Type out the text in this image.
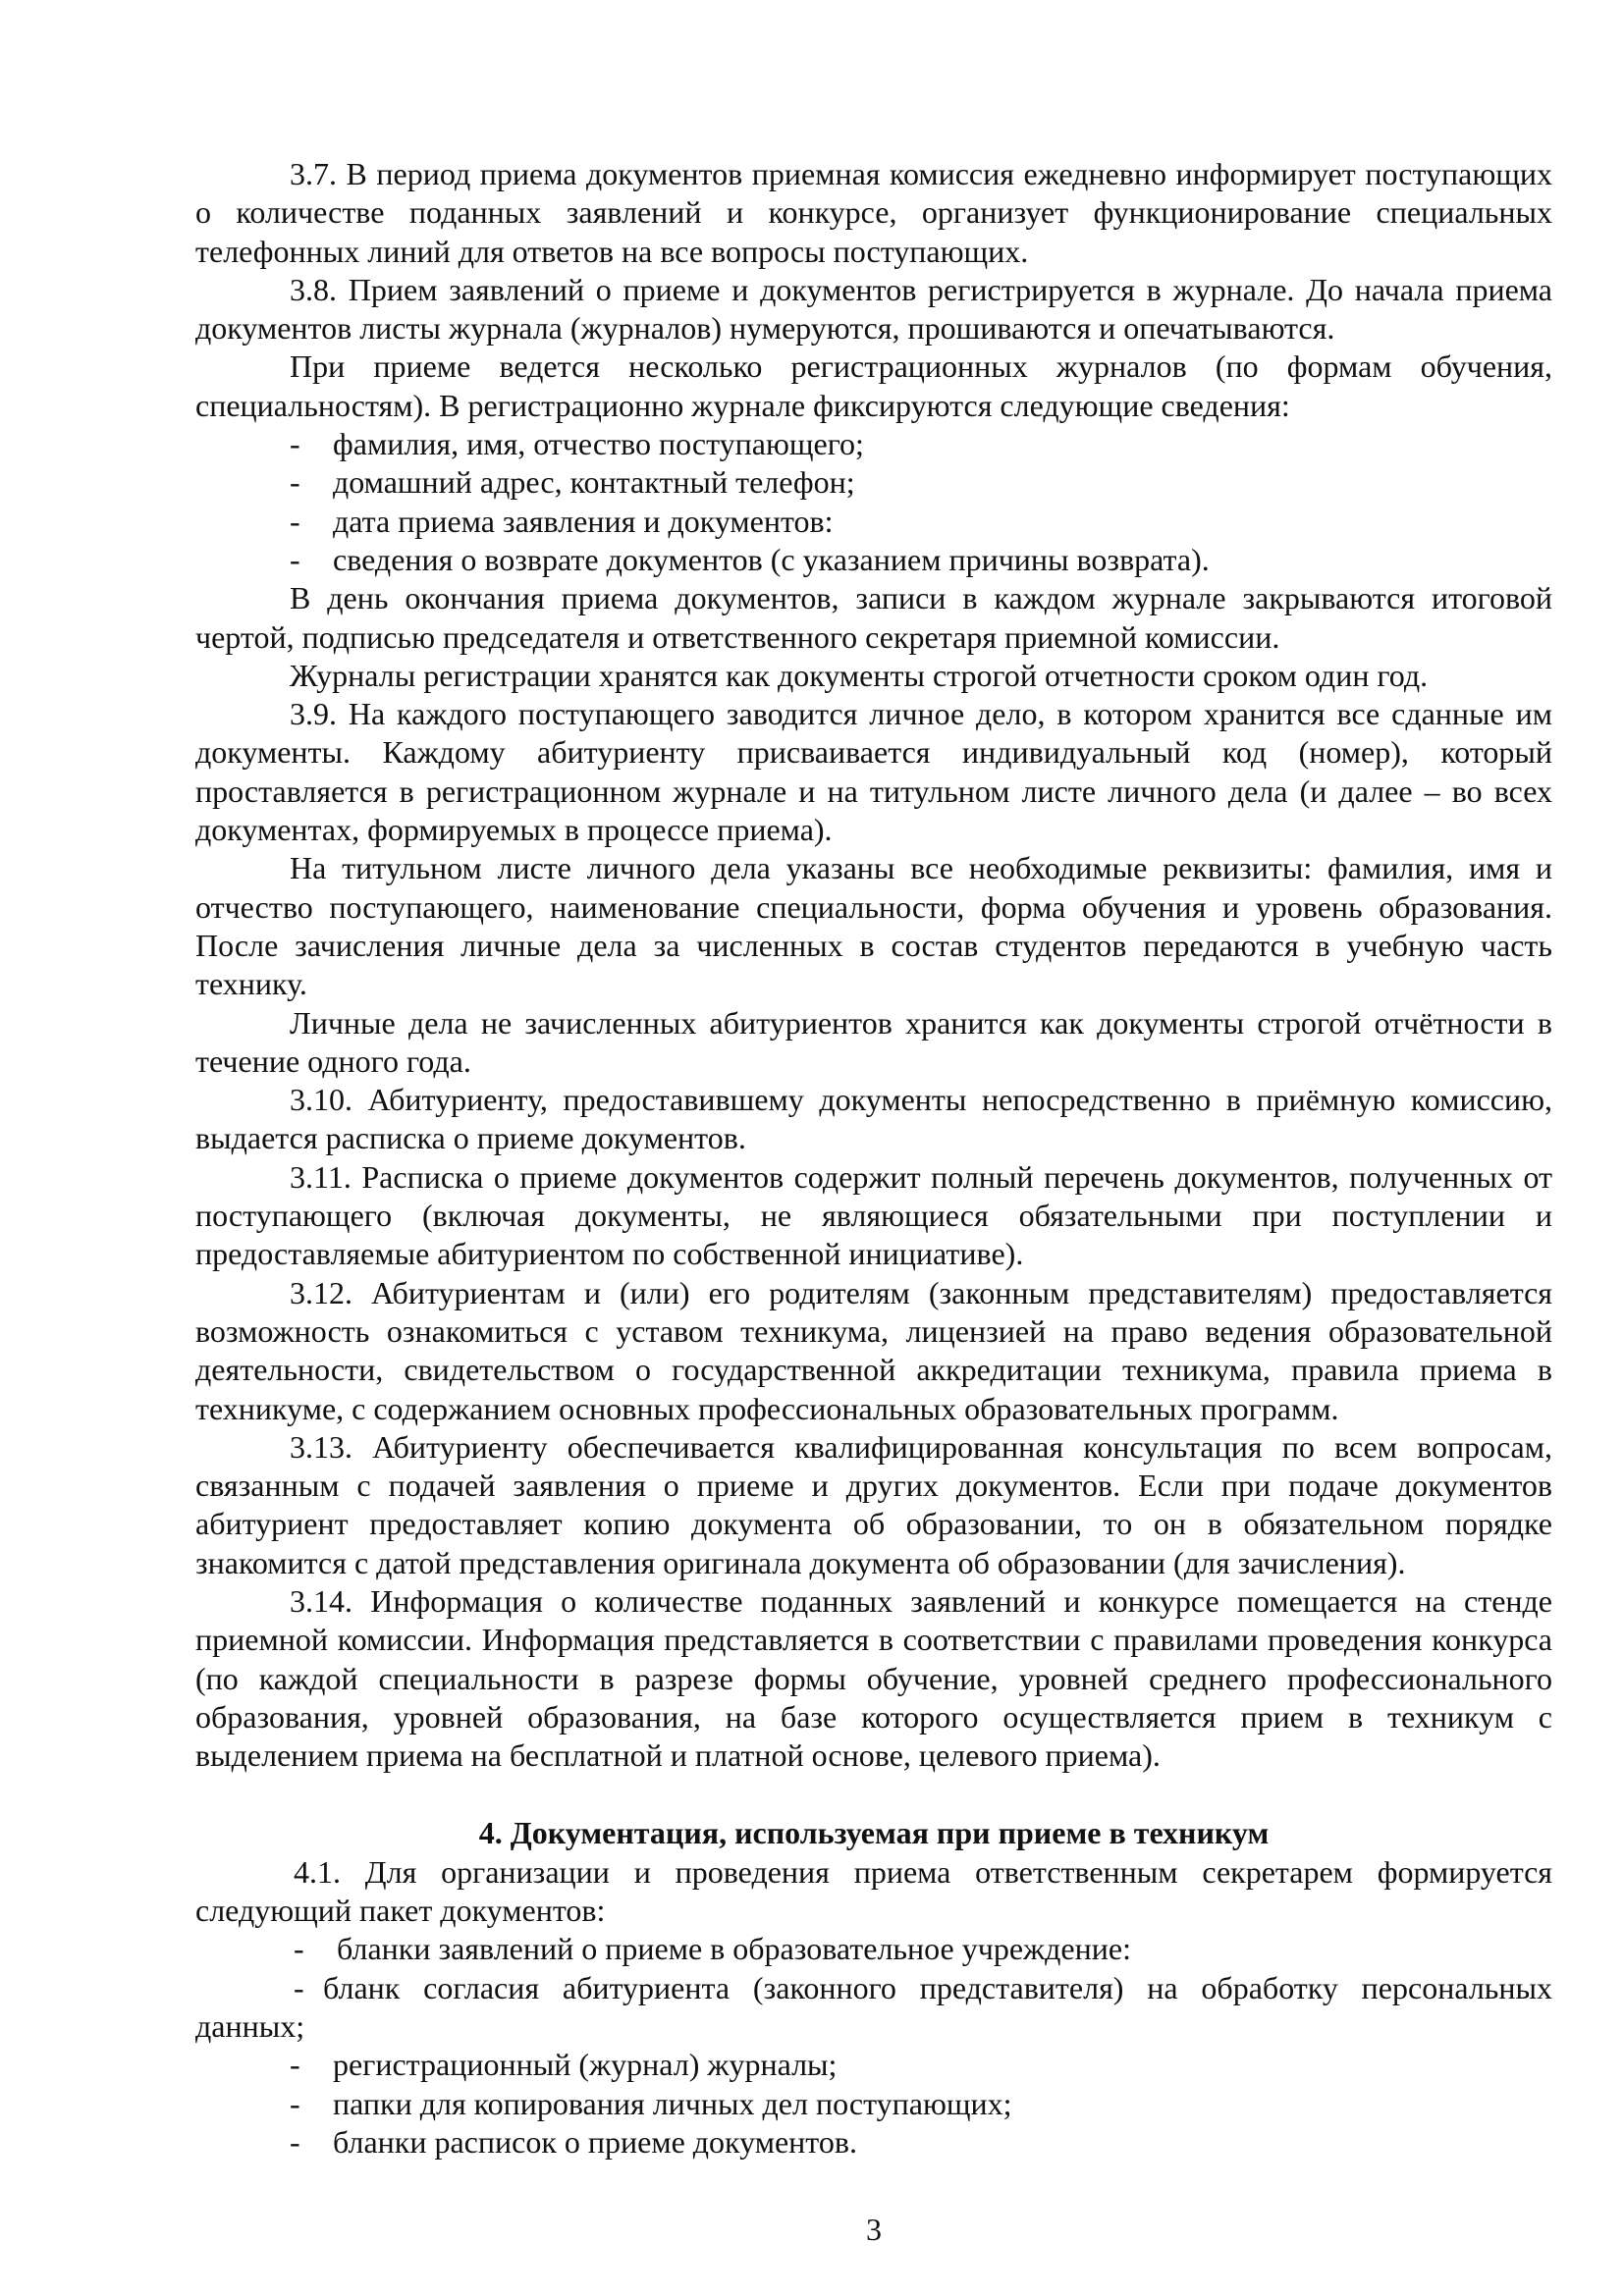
3.7. В период приема документов приемная комиссия ежедневно информирует поступающих о количестве поданных заявлений и конкурсе, организует функционирование специальных телефонных линий для ответов на все вопросы поступающих.

3.8. Прием заявлений о приеме и документов регистрируется в журнале. До начала приема документов листы журнала (журналов) нумеруются, прошиваются и опечатываются.

При приеме ведется несколько регистрационных журналов (по формам обучения, специальностям). В регистрационно журнале фиксируются следующие сведения:

- фамилия, имя, отчество поступающего;

- домашний адрес, контактный телефон;

- дата приема заявления и документов:

- сведения о возврате документов (с указанием причины возврата).

В день окончания приема документов, записи в каждом журнале закрываются итоговой чертой, подписью председателя и ответственного секретаря приемной комиссии.

Журналы регистрации хранятся как документы строгой отчетности сроком один год.

3.9. На каждого поступающего заводится личное дело, в котором хранится все сданные им документы. Каждому абитуриенту присваивается индивидуальный код (номер), который проставляется в регистрационном журнале и на титульном листе личного дела (и далее – во всех документах, формируемых в процессе приема).

На титульном листе личного дела указаны все необходимые реквизиты: фамилия, имя и отчество поступающего, наименование специальности, форма обучения и уровень образования. После зачисления личные дела за численных в состав студентов передаются в учебную часть технику.

Личные дела не зачисленных абитуриентов хранится как документы строгой отчётности в течение одного года.

3.10. Абитуриенту, предоставившему документы непосредственно в приёмную комиссию, выдается расписка о приеме документов.

3.11. Расписка о приеме документов содержит полный перечень документов, полученных от поступающего (включая документы, не являющиеся обязательными при поступлении и предоставляемые абитуриентом по собственной инициативе).

3.12. Абитуриентам и (или) его родителям (законным представителям) предоставляется возможность ознакомиться с уставом техникума, лицензией на право ведения образовательной деятельности, свидетельством о государственной аккредитации техникума, правила приема в техникуме, с содержанием основных профессиональных образовательных программ.

3.13. Абитуриенту обеспечивается квалифицированная консультация по всем вопросам, связанным с подачей заявления о приеме и других документов. Если при подаче документов абитуриент предоставляет копию документа об образовании, то он в обязательном порядке знакомится с датой представления оригинала документа об образовании (для зачисления).

3.14. Информация о количестве поданных заявлений и конкурсе помещается на стенде приемной комиссии. Информация представляется в соответствии с правилами проведения конкурса (по каждой специальности в разрезе формы обучение, уровней среднего профессионального образования, уровней образования, на базе которого осуществляется прием в техникум с выделением приема на бесплатной и платной основе, целевого приема).

4. Документация, используемая при приеме в техникум

4.1. Для организации и проведения приема ответственным секретарем формируется следующий пакет документов:

- бланки заявлений о приеме в образовательное учреждение:

- бланк согласия абитуриента (законного представителя) на обработку персональных данных;

- регистрационный (журнал) журналы;

- папки для копирования личных дел поступающих;

- бланки расписок о приеме документов.

3
